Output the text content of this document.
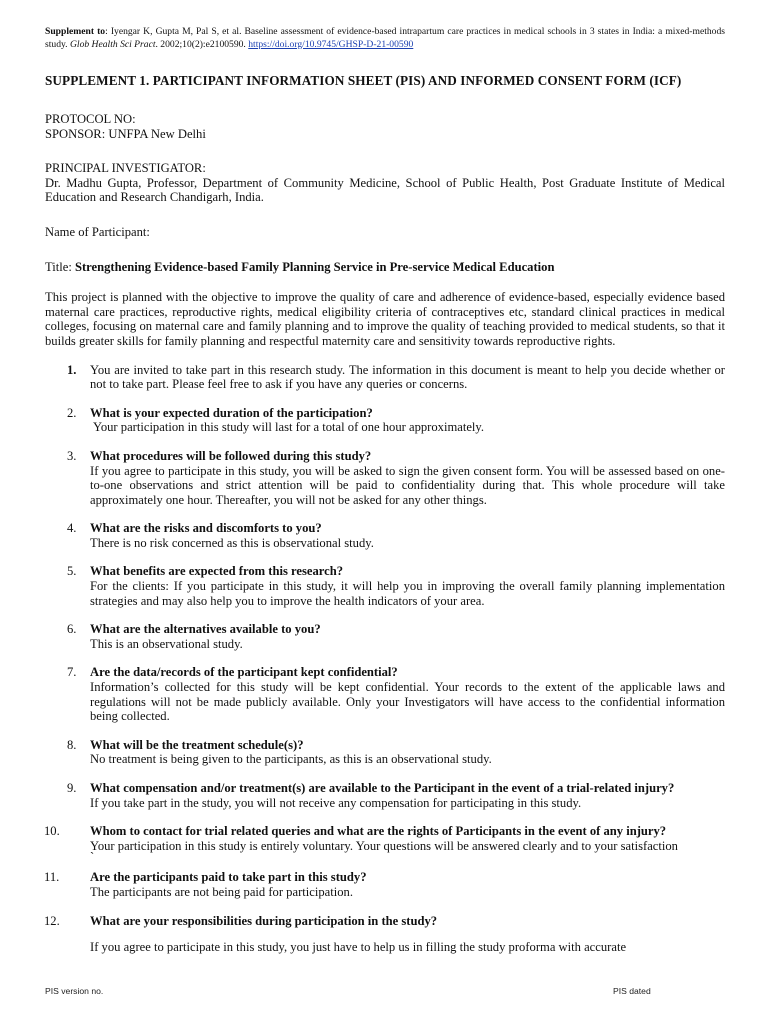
Supplement to: Iyengar K, Gupta M, Pal S, et al. Baseline assessment of evidence-based intrapartum care practices in medical schools in 3 states in India: a mixed-methods study. Glob Health Sci Pract. 2002;10(2):e2100590. https://doi.org/10.9745/GHSP-D-21-00590
SUPPLEMENT 1. PARTICIPANT INFORMATION SHEET (PIS) AND INFORMED CONSENT FORM (ICF)
PROTOCOL NO:
SPONSOR: UNFPA New Delhi
PRINCIPAL INVESTIGATOR:
Dr. Madhu Gupta, Professor, Department of Community Medicine, School of Public Health, Post Graduate Institute of Medical Education and Research Chandigarh, India.
Name of Participant:
Title: Strengthening Evidence-based Family Planning Service in Pre-service Medical Education
This project is planned with the objective to improve the quality of care and adherence of evidence-based, especially evidence based maternal care practices, reproductive rights, medical eligibility criteria of contraceptives etc, standard clinical practices in medical colleges, focusing on maternal care and family planning and to improve the quality of teaching provided to medical students, so that it builds greater skills for family planning and respectful maternity care and sensitivity towards reproductive rights.
1. You are invited to take part in this research study. The information in this document is meant to help you decide whether or not to take part. Please feel free to ask if you have any queries or concerns.
2. What is your expected duration of the participation?
Your participation in this study will last for a total of one hour approximately.
3. What procedures will be followed during this study?
If you agree to participate in this study, you will be asked to sign the given consent form. You will be assessed based on one-to-one observations and strict attention will be paid to confidentiality during that. This whole procedure will take approximately one hour. Thereafter, you will not be asked for any other things.
4. What are the risks and discomforts to you?
There is no risk concerned as this is observational study.
5. What benefits are expected from this research?
For the clients: If you participate in this study, it will help you in improving the overall family planning implementation strategies and may also help you to improve the health indicators of your area.
6. What are the alternatives available to you?
This is an observational study.
7. Are the data/records of the participant kept confidential?
Information’s collected for this study will be kept confidential. Your records to the extent of the applicable laws and regulations will not be made publicly available. Only your Investigators will have access to the confidential information being collected.
8. What will be the treatment schedule(s)?
No treatment is being given to the participants, as this is an observational study.
9. What compensation and/or treatment(s) are available to the Participant in the event of a trial-related injury?
If you take part in the study, you will not receive any compensation for participating in this study.
10. Whom to contact for trial related queries and what are the rights of Participants in the event of any injury?
Your participation in this study is entirely voluntary. Your questions will be answered clearly and to your satisfaction
`
11. Are the participants paid to take part in this study?
The participants are not being paid for participation.
12. What are your responsibilities during participation in the study?
If you agree to participate in this study, you just have to help us in filling the study proforma with accurate
PIS version no.	PIS dated
